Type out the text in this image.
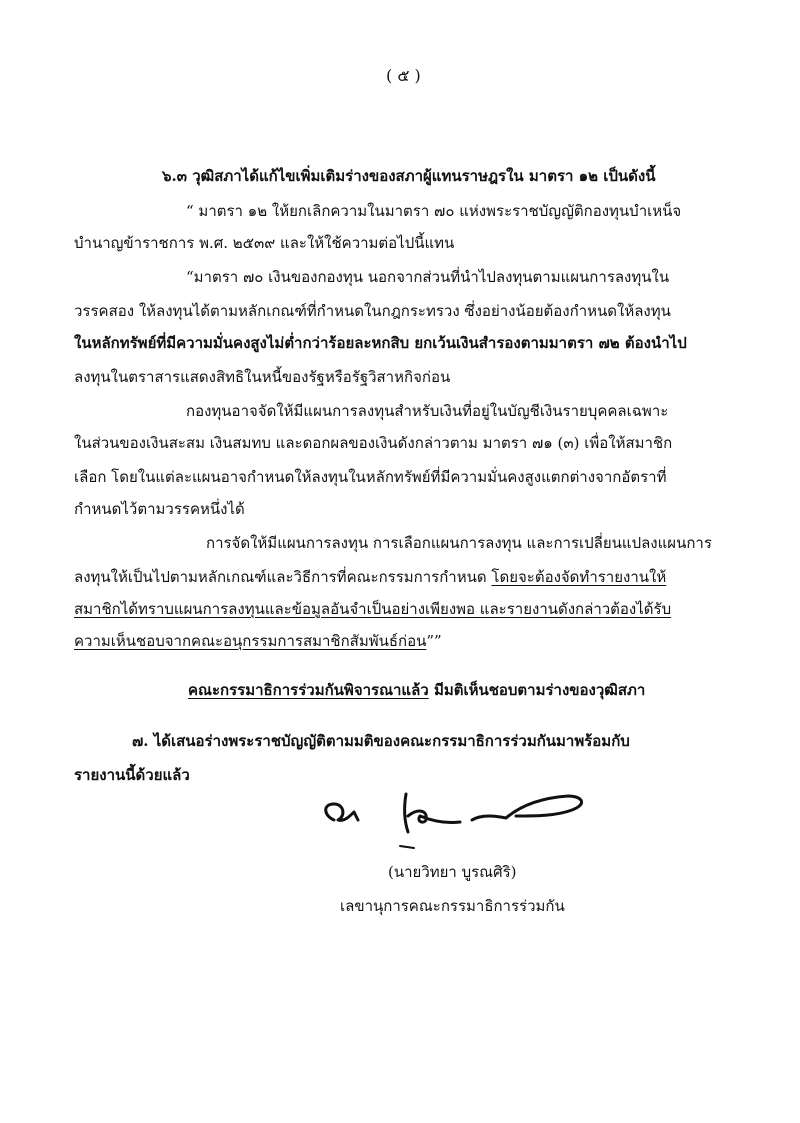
( ๕ )
๖.๓ วุฒิสภาได้แก้ไขเพิ่มเติมร่างของสภาผู้แทนราษฎรใน มาตรา ๑๒ เป็นดังนี้
“ มาตรา ๑๒ ให้ยกเลิกความในมาตรา ๗๐ แห่งพระราชบัญญัติกองทุนบำเหน็จ
บำนาญข้าราชการ พ.ศ. ๒๕๓๙ และให้ใช้ความต่อไปนี้แทน
“มาตรา ๗๐ เงินของกองทุน นอกจากส่วนที่นำไปลงทุนตามแผนการลงทุนใน
วรรคสอง ให้ลงทุนได้ตามหลักเกณฑ์ที่กำหนดในกฎกระทรวง ซึ่งอย่างน้อยต้องกำหนดให้ลงทุน
ในหลักทรัพย์ที่มีความมั่นคงสูงไม่ต่ำกว่าร้อยละหกสิบ ยกเว้นเงินสำรองตามมาตรา ๗๒ ต้องนำไป
ลงทุนในตราสารแสดงสิทธิในหนี้ของรัฐหรือรัฐวิสาหกิจก่อน
กองทุนอาจจัดให้มีแผนการลงทุนสำหรับเงินที่อยู่ในบัญชีเงินรายบุคคลเฉพาะ
ในส่วนของเงินสะสม เงินสมทบ และดอกผลของเงินดังกล่าวตาม มาตรา ๗๑ (๓) เพื่อให้สมาชิก
เลือก โดยในแต่ละแผนอาจกำหนดให้ลงทุนในหลักทรัพย์ที่มีความมั่นคงสูงแตกต่างจากอัตราที่
กำหนดไว้ตามวรรคหนึ่งได้
การจัดให้มีแผนการลงทุน การเลือกแผนการลงทุน และการเปลี่ยนแปลงแผนการ
ลงทุนให้เป็นไปตามหลักเกณฑ์และวิธีการที่คณะกรรมการกำหนด โดยจะต้องจัดทำรายงานให้
สมาชิกได้ทราบแผนการลงทุนและข้อมูลอันจำเป็นอย่างเพียงพอ และรายงานดังกล่าวต้องได้รับ
ความเห็นชอบจากคณะอนุกรรมการสมาชิกสัมพันธ์ก่อน””
คณะกรรมาธิการร่วมกันพิจารณาแล้ว มีมติเห็นชอบตามร่างของวุฒิสภา
๗. ได้เสนอร่างพระราชบัญญัติตามมติของคณะกรรมาธิการร่วมกันมาพร้อมกับ
รายงานนี้ด้วยแล้ว
(นายวิทยา บูรณศิริ)
เลขานุการคณะกรรมาธิการร่วมกัน
